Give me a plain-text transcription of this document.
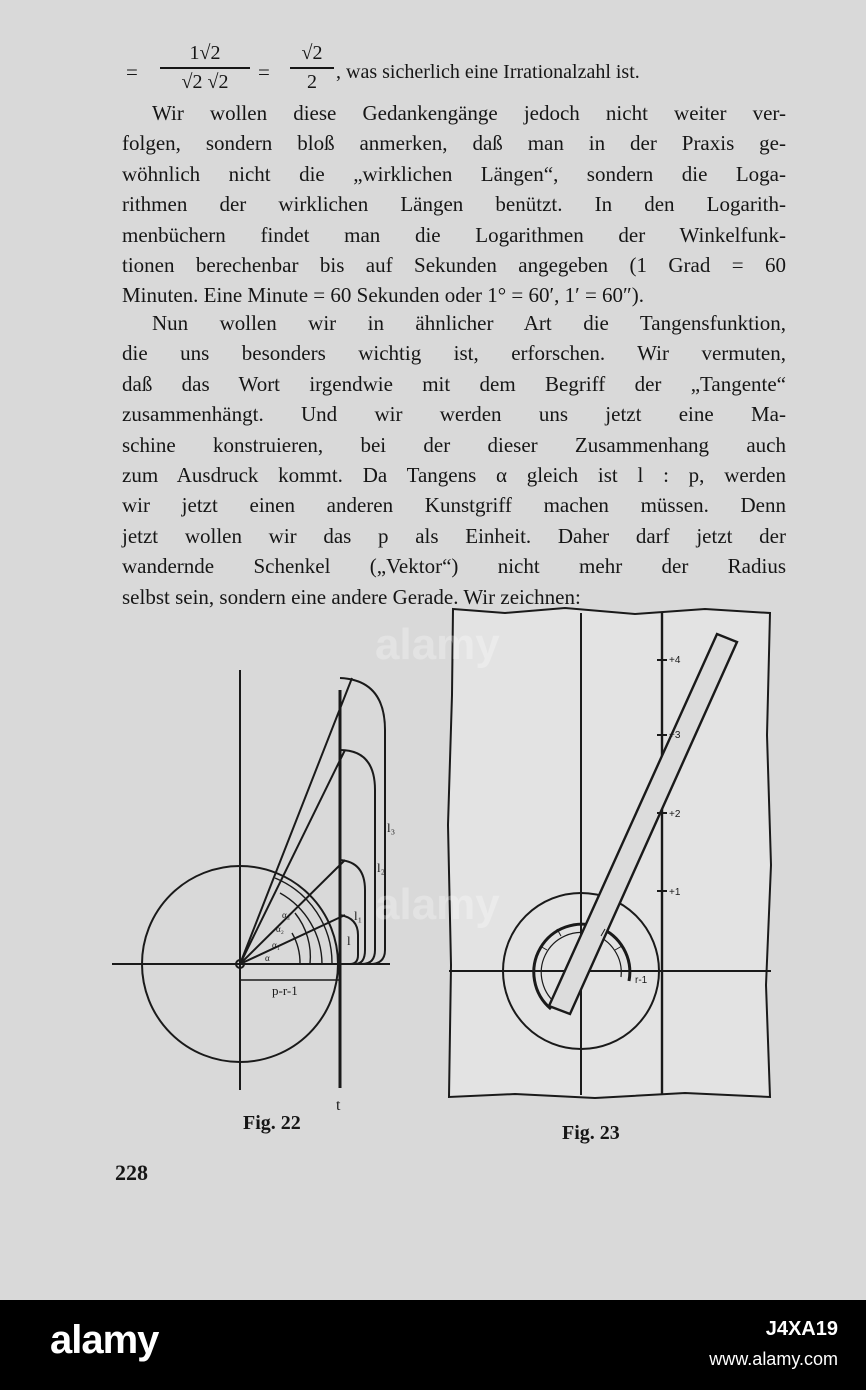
=
1√2
√2 √2	=
√2
2 , was sicherlich eine Irrationalzahl ist.
Wir wollen diese Gedankengänge jedoch nicht weiter ver-
folgen, sondern bloß anmerken, daß man in der Praxis ge-
wöhnlich nicht die „wirklichen Längen“, sondern die Loga-
rithmen der wirklichen Längen benützt. In den Logarith-
menbüchern findet man die Logarithmen der Winkelfunk-
tionen berechenbar bis auf Sekunden angegeben (1 Grad = 60
Minuten. Eine Minute = 60 Sekunden oder 1° = 60′, 1′ = 60″).
Nun wollen wir in ähnlicher Art die Tangensfunktion,
die uns besonders wichtig ist, erforschen. Wir vermuten,
daß das Wort irgendwie mit dem Begriff der „Tangente“
zusammenhängt. Und wir werden uns jetzt eine Ma-
schine konstruieren, bei der dieser Zusammenhang auch
zum Ausdruck kommt. Da Tangens α gleich ist l : p, werden
wir jetzt einen anderen Kunstgriff machen müssen. Denn
jetzt wollen wir das p als Einheit. Daher darf jetzt der
wandernde Schenkel („Vektor“) nicht mehr der Radius
selbst sein, sondern eine andere Gerade. Wir zeichnen:
t
p-r-1
l
l₁
l₂
l₃
α
α₁
α₂
α₃
Fig. 22
+4
+3
+2
+1
r-1
Fig. 23
228
alamy
alamy
alamy	J4XA19
www.alamy.com
